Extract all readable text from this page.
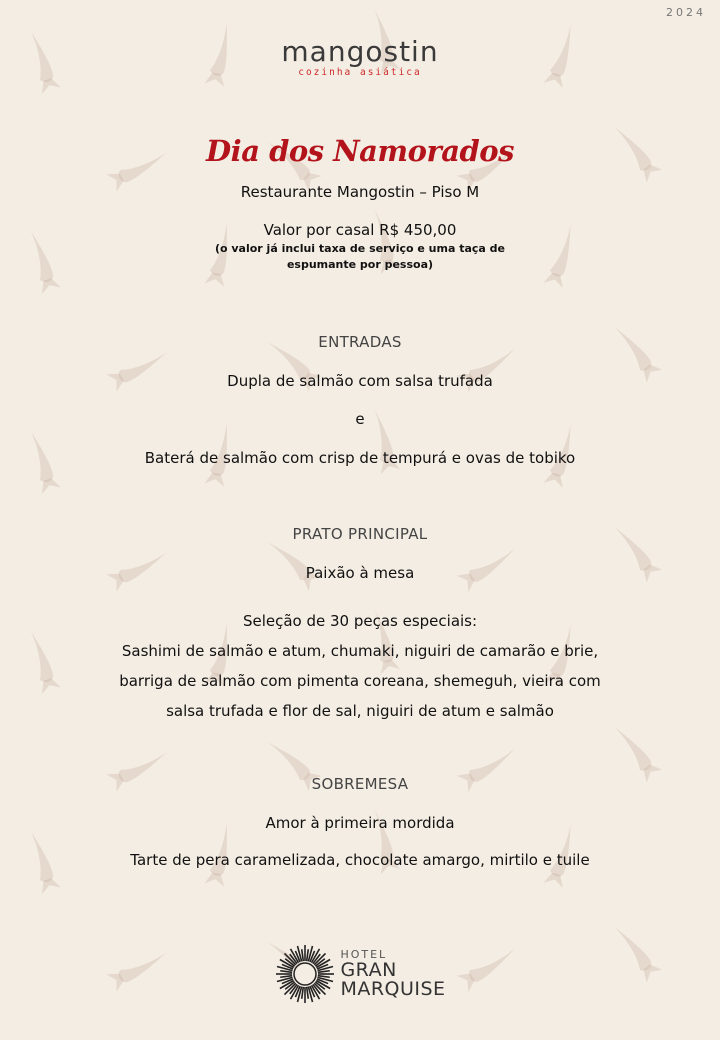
2024
mangostin
cozinha asiática
Dia dos Namorados
Restaurante Mangostin – Piso M
Valor por casal R$ 450,00
(o valor já inclui taxa de serviço e uma taça de
espumante por pessoa)
ENTRADAS
Dupla de salmão com salsa trufada
e
Baterá de salmão com crisp de tempurá e ovas de tobiko
PRATO PRINCIPAL
Paixão à mesa
Seleção de 30 peças especiais:
Sashimi de salmão e atum, chumaki, niguiri de camarão e brie,
barriga de salmão com pimenta coreana, shemeguh, vieira com
salsa trufada e flor de sal, niguiri de atum e salmão
SOBREMESA
Amor à primeira mordida
Tarte de pera caramelizada, chocolate amargo, mirtilo e tuile
HOTEL
GRAN
MARQUISE
